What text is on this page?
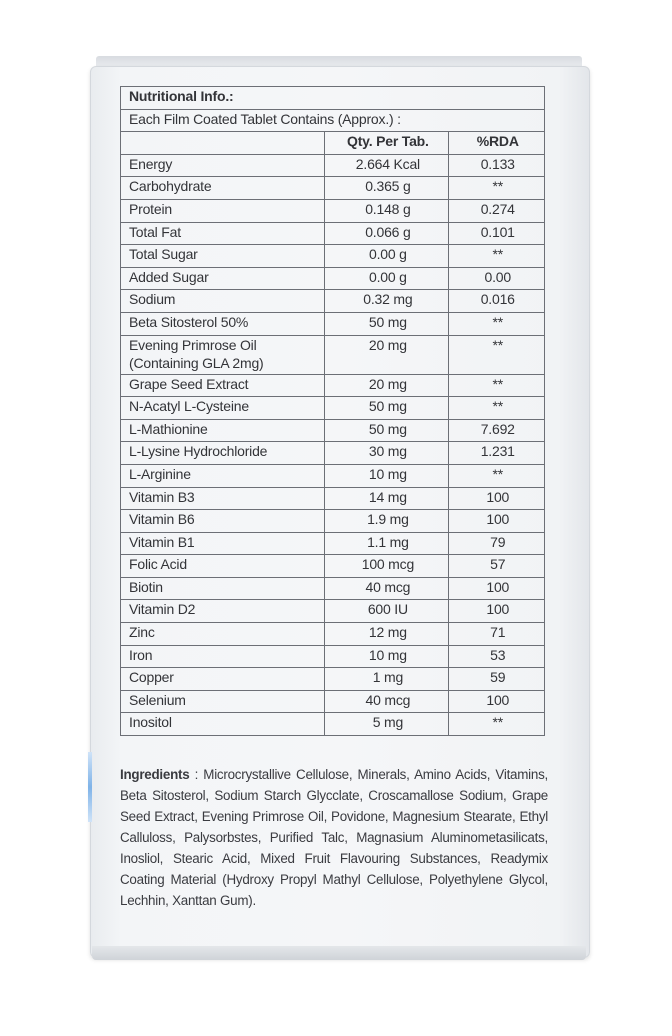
Nutritional Info.:		
Each Film Coated Tablet Contains (Approx.) :		
	Qty. Per Tab.	%RDA
Energy	2.664 Kcal	0.133
Carbohydrate	0.365 g	**
Protein	0.148 g	0.274
Total Fat	0.066 g	0.101
Total Sugar	0.00 g	**
Added Sugar	0.00 g	0.00
Sodium	0.32 mg	0.016
Beta Sitosterol 50%	50 mg	**
Evening Primrose Oil
(Containing GLA 2mg)	20 mg	**
Grape Seed Extract	20 mg	**
N-Acatyl L-Cysteine	50 mg	**
L-Mathionine	50 mg	7.692
L-Lysine Hydrochloride	30 mg	1.231
L-Arginine	10 mg	**
Vitamin B3	14 mg	100
Vitamin B6	1.9 mg	100
Vitamin B1	1.1 mg	79
Folic Acid	100 mcg	57
Biotin	40 mcg	100
Vitamin D2	600 IU	100
Zinc	12 mg	71
Iron	10 mg	53
Copper	1 mg	59
Selenium	40 mcg	100
Inositol	5 mg	**
Ingredients : Microcrystallive Cellulose, Minerals, Amino Acids, Vitamins, Beta Sitosterol, Sodium Starch Glycclate, Croscamallose Sodium, Grape Seed Extract, Evening Primrose Oil, Povidone, Magnesium Stearate, Ethyl Calluloss, Palysorbstes, Purified Talc, Magnasium Aluminometasilicats, Inosliol, Stearic Acid, Mixed Fruit Flavouring Substances, Readymix Coating Material (Hydroxy Propyl Mathyl Cellulose, Polyethylene Glycol, Lechhin, Xanttan Gum).
